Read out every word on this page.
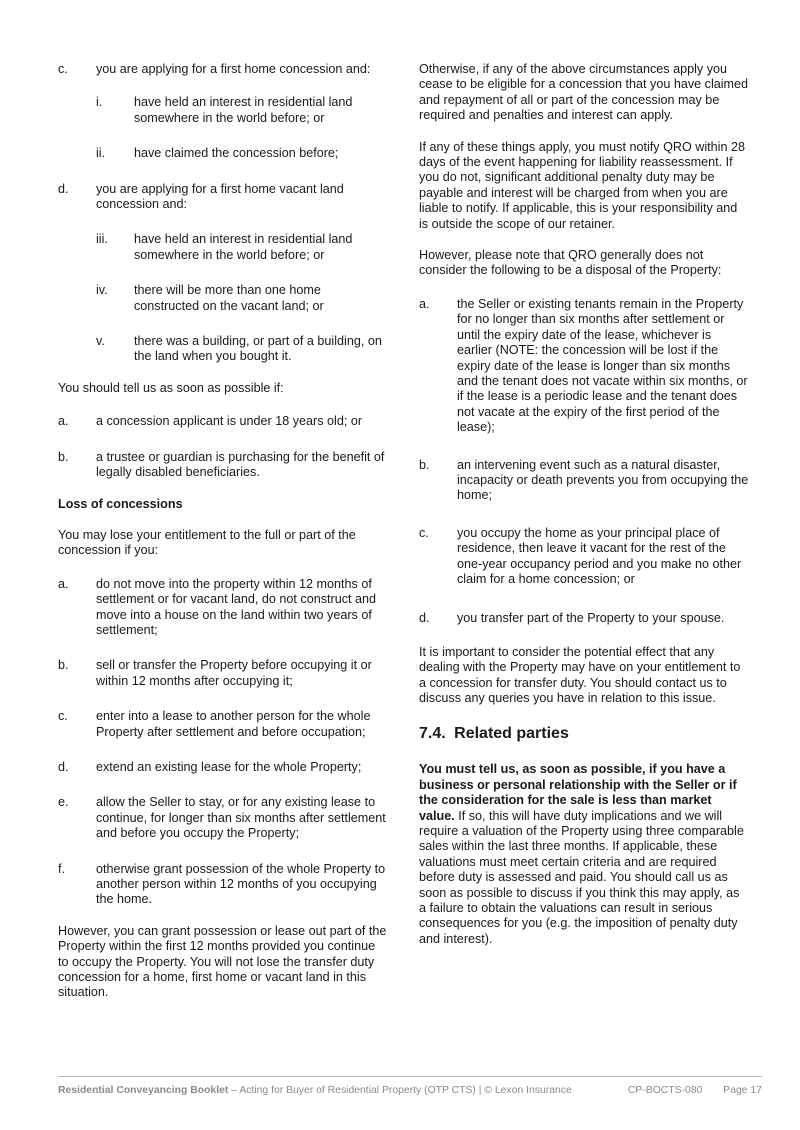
c.	you are applying for a first home concession and:
i.	have held an interest in residential land somewhere in the world before; or
ii.	have claimed the concession before;
d.	you are applying for a first home vacant land concession and:
iii.	have held an interest in residential land somewhere in the world before; or
iv.	there will be more than one home constructed on the vacant land; or
v.	there was a building, or part of a building, on the land when you bought it.

You should tell us as soon as possible if:

a.	a concession applicant is under 18 years old; or
b.	a trustee or guardian is purchasing for the benefit of legally disabled beneficiaries.
Loss of concessions

You may lose your entitlement to the full or part of the concession if you:

a.	do not move into the property within 12 months of settlement or for vacant land, do not construct and move into a house on the land within two years of settlement;
b.	sell or transfer the Property before occupying it or within 12 months after occupying it;
c.	enter into a lease to another person for the whole Property after settlement and before occupation;
d.	extend an existing lease for the whole Property;
e.	allow the Seller to stay, or for any existing lease to continue, for longer than six months after settlement and before you occupy the Property;
f.	otherwise grant possession of the whole Property to another person within 12 months of you occupying the home.

However, you can grant possession or lease out part of the Property within the first 12 months provided you continue to occupy the Property. You will not lose the transfer duty concession for a home, first home or vacant land in this situation.

Otherwise, if any of the above circumstances apply you cease to be eligible for a concession that you have claimed and repayment of all or part of the concession may be required and penalties and interest can apply.

If any of these things apply, you must notify QRO within 28 days of the event happening for liability reassessment. If you do not, significant additional penalty duty may be payable and interest will be charged from when you are liable to notify. If applicable, this is your responsibility and is outside the scope of our retainer.

However, please note that QRO generally does not consider the following to be a disposal of the Property:

a.	the Seller or existing tenants remain in the Property for no longer than six months after settlement or until the expiry date of the lease, whichever is earlier (NOTE: the concession will be lost if the expiry date of the lease is longer than six months and the tenant does not vacate within six months, or if the lease is a periodic lease and the tenant does not vacate at the expiry of the first period of the lease);
b.	an intervening event such as a natural disaster, incapacity or death prevents you from occupying the home;
c.	you occupy the home as your principal place of residence, then leave it vacant for the rest of the one-year occupancy period and you make no other claim for a home concession; or
d.	you transfer part of the Property to your spouse.

It is important to consider the potential effect that any dealing with the Property may have on your entitlement to a concession for transfer duty. You should contact us to discuss any queries you have in relation to this issue.

7.4. Related parties

You must tell us, as soon as possible, if you have a business or personal relationship with the Seller or if the consideration for the sale is less than market value. If so, this will have duty implications and we will require a valuation of the Property using three comparable sales within the last three months. If applicable, these valuations must meet certain criteria and are required before duty is assessed and paid. You should call us as soon as possible to discuss if you think this may apply, as a failure to obtain the valuations can result in serious consequences for you (e.g. the imposition of penalty duty and interest).

Residential Conveyancing Booklet – Acting for Buyer of Residential Property (OTP CTS) | © Lexon Insurance	CP-BOCTS-080 Page 17
